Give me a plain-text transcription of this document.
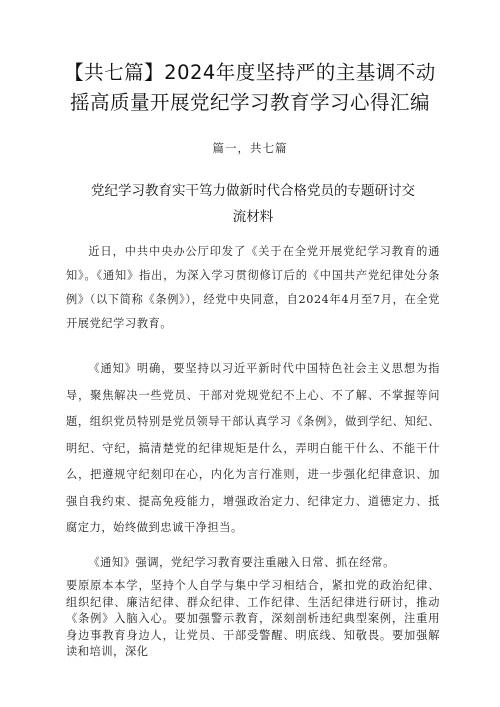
【共七篇】2024年度坚持严的主基调不动摇高质量开展党纪学习教育学习心得汇编
篇一，共七篇
党纪学习教育实干笃力做新时代合格党员的专题研讨交流材料

近日，中共中央办公厅印发了《关于在全党开展党纪学习教育的通知》。《通知》指出，为深入学习贯彻修订后的《中国共产党纪律处分条例》（以下简称《条例》），经党中央同意，自2024年4月至7月，在全党开展党纪学习教育。

《通知》明确，要坚持以习近平新时代中国特色社会主义思想为指导，聚焦解决一些党员、干部对党规党纪不上心、不了解、不掌握等问题，组织党员特别是党员领导干部认真学习《条例》，做到学纪、知纪、明纪、守纪，搞清楚党的纪律规矩是什么，弄明白能干什么、不能干什么，把遵规守纪刻印在心，内化为言行准则，进一步强化纪律意识、加强自我约束、提高免疫能力，增强政治定力、纪律定力、道德定力、抵腐定力，始终做到忠诚干净担当。

《通知》强调，党纪学习教育要注重融入日常、抓在经常。

要原原本本学，坚持个人自学与集中学习相结合，紧扣党的政治纪律、组织纪律、廉洁纪律、群众纪律、工作纪律、生活纪律进行研讨，推动《条例》入脑入心。要加强警示教育，深刻剖析违纪典型案例，注重用身边事教育身边人，让党员、干部受警醒、明底线、知敬畏。要加强解读和培训，深化
